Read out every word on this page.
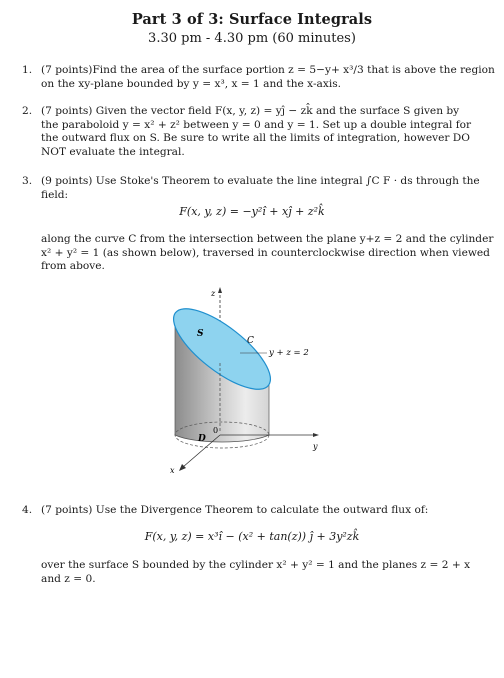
Part 3 of 3: Surface Integrals
3.30 pm - 4.30 pm (60 minutes)
1. (7 points)Find the area of the surface portion z = 5−y+ x³/3 that is above the region
on the xy-plane bounded by y = x³, x = 1 and the x-axis.
2. (7 points) Given the vector field F(x, y, z) = yĵ − zk̂ and the surface S given by
the paraboloid y = x² + z² between y = 0 and y = 1. Set up a double integral for
the outward flux on S. Be sure to write all the limits of integration, however DO
NOT evaluate the integral.
3. (9 points) Use Stoke's Theorem to evaluate the line integral ∫C F · ds through the
field:
F(x, y, z) = −y²î + xĵ + z²k̂
along the curve C from the intersection between the plane y+z = 2 and the cylinder
x² + y² = 1 (as shown below), traversed in counterclockwise direction when viewed
from above.
z
y
x
S
C
y + z = 2
D
0
4. (7 points) Use the Divergence Theorem to calculate the outward flux of:
F(x, y, z) = x³î − (x² + tan(z)) ĵ + 3y²zk̂
over the surface S bounded by the cylinder x² + y² = 1 and the planes z = 2 + x
and z = 0.
